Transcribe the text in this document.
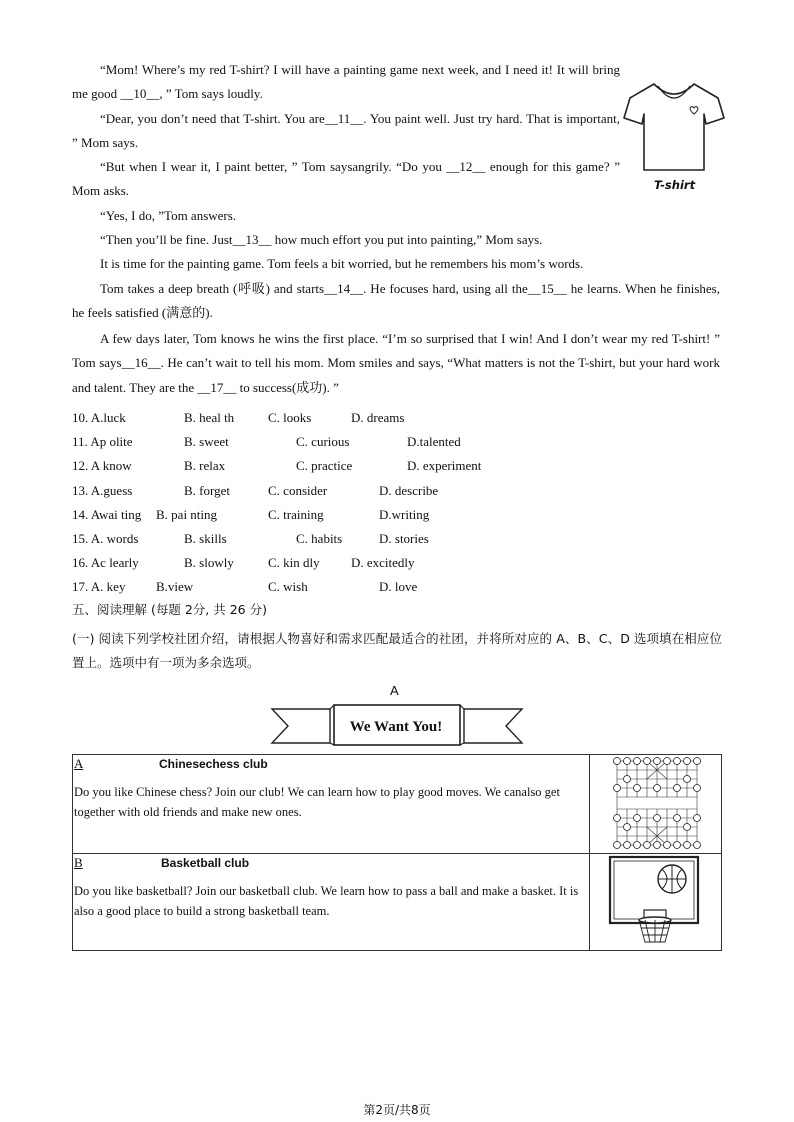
“Mom! Where’s my red T-shirt? I will have a painting game next week, and I need it! It will bring me good __10__, ” Tom says loudly.

“Dear, you don’t need that T-shirt. You are__11__. You paint well. Just try hard. That is important, ” Mom says.

“But when I wear it, I paint better, ” Tom saysangrily. “Do you __12__ enough for this game? ” Mom asks.

“Yes, I do, ”Tom answers.

“Then you’ll be fine. Just__13__ how much effort you put into painting,” Mom says.

It is time for the painting game. Tom feels a bit worried, but he remembers his mom’s words.

Tom takes a deep breath (呼吸) and starts__14__. He focuses hard, using all the__15__ he learns. When he finishes, he feels satisfied (满意的).

A few days later, Tom knows he wins the first place. “I’m so surprised that I win! And I don’t wear my red T-shirt! ” Tom says__16__. He can’t wait to tell his mom. Mom smiles and says, “What matters is not the T-shirt, but your hard work and talent. They are the __17__ to success(成功). ”

T-shirt
10. A.luck	B. heal th	C. looks	D. dreams
11. Ap olite	B. sweet	C. curious	D.talented
12. A know	B. relax	C. practice	D. experiment
13. A.guess	B. forget	C. consider	D. describe
14. Awai ting B. pai nting	C. training	D.writing
15. A. words	B. skills	C. habits	D. stories
16. Ac learly	B. slowly	C. kin dly D. excitedly
17. A. key B.view	C. wish	D. love
五、阅读理解 (每题 2分, 共 26 分)
(一) 阅读下列学校社团介绍，请根据人物喜好和需求匹配最适合的社团，并将所对应的 A、B、C、D 选项填在相应位置上。选项中有一项为多余选项。
A
We Want You!
A Chinesechess club
Do you like Chinese chess? Join our club! We can learn how to play good moves. We canalso get together with old friends and make new ones.

B Basketball club
Do you like basketball? Join our basketball club. We learn how to pass a ball and make a basket. It is also a good place to build a strong basketball team.

第2页/共8页
